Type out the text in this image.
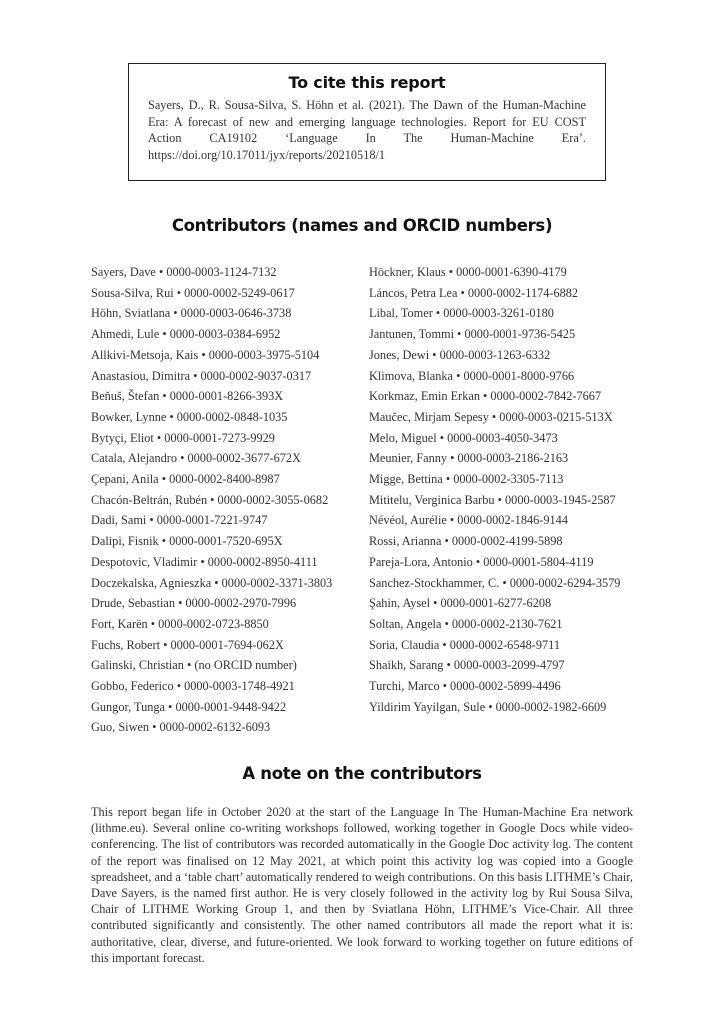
To cite this report
Sayers, D., R. Sousa-Silva, S. Höhn et al. (2021). The Dawn of the Human-Machine Era: A forecast of new and emerging language technologies. Report for EU COST Action CA19102 ‘Language In The Human-Machine Era’. https://doi.org/10.17011/jyx/reports/20210518/1
Contributors (names and ORCID numbers)
Sayers, Dave • 0000-0003-1124-7132
Sousa-Silva, Rui • 0000-0002-5249-0617
Höhn, Sviatlana • 0000-0003-0646-3738
Ahmedi, Lule • 0000-0003-0384-6952
Allkivi-Metsoja, Kais • 0000-0003-3975-5104
Anastasiou, Dimitra • 0000-0002-9037-0317
Beňuš, Štefan • 0000-0001-8266-393X
Bowker, Lynne • 0000-0002-0848-1035
Bytyçi, Eliot • 0000-0001-7273-9929
Catala, Alejandro • 0000-0002-3677-672X
Çepani, Anila • 0000-0002-8400-8987
Chacón-Beltrán, Rubén • 0000-0002-3055-0682
Dadi, Sami • 0000-0001-7221-9747
Dalipi, Fisnik • 0000-0001-7520-695X
Despotovic, Vladimir • 0000-0002-8950-4111
Doczekalska, Agnieszka • 0000-0002-3371-3803
Drude, Sebastian • 0000-0002-2970-7996
Fort, Karën • 0000-0002-0723-8850
Fuchs, Robert • 0000-0001-7694-062X
Galinski, Christian • (no ORCID number)
Gobbo, Federico • 0000-0003-1748-4921
Gungor, Tunga • 0000-0001-9448-9422
Guo, Siwen • 0000-0002-6132-6093
Höckner, Klaus • 0000-0001-6390-4179
Láncos, Petra Lea • 0000-0002-1174-6882
Libal, Tomer • 0000-0003-3261-0180
Jantunen, Tommi • 0000-0001-9736-5425
Jones, Dewi • 0000-0003-1263-6332
Klimova, Blanka • 0000-0001-8000-9766
Korkmaz, Emin Erkan • 0000-0002-7842-7667
Maučec, Mirjam Sepesy • 0000-0003-0215-513X
Melo, Miguel • 0000-0003-4050-3473
Meunier, Fanny • 0000-0003-2186-2163
Migge, Bettina • 0000-0002-3305-7113
Mititelu, Verginica Barbu • 0000-0003-1945-2587
Névéol, Aurélie • 0000-0002-1846-9144
Rossi, Arianna • 0000-0002-4199-5898
Pareja-Lora, Antonio • 0000-0001-5804-4119
Sanchez-Stockhammer, C. • 0000-0002-6294-3579
Şahin, Aysel • 0000-0001-6277-6208
Soltan, Angela • 0000-0002-2130-7621
Soria, Claudia • 0000-0002-6548-9711
Shaikh, Sarang • 0000-0003-2099-4797
Turchi, Marco • 0000-0002-5899-4496
Yildirim Yayilgan, Sule • 0000-0002-1982-6609
A note on the contributors
This report began life in October 2020 at the start of the Language In The Human-Machine Era network (lithme.eu). Several online co-writing workshops followed, working together in Google Docs while video-conferencing. The list of contributors was recorded automatically in the Google Doc activity log. The content of the report was finalised on 12 May 2021, at which point this activity log was copied into a Google spreadsheet, and a ‘table chart’ automatically rendered to weigh contributions. On this basis LITHME’s Chair, Dave Sayers, is the named first author. He is very closely followed in the activity log by Rui Sousa Silva, Chair of LITHME Working Group 1, and then by Sviatlana Höhn, LITHME’s Vice-Chair. All three contributed significantly and consistently. The other named contributors all made the report what it is: authoritative, clear, diverse, and future-oriented. We look forward to working together on future editions of this important forecast.
